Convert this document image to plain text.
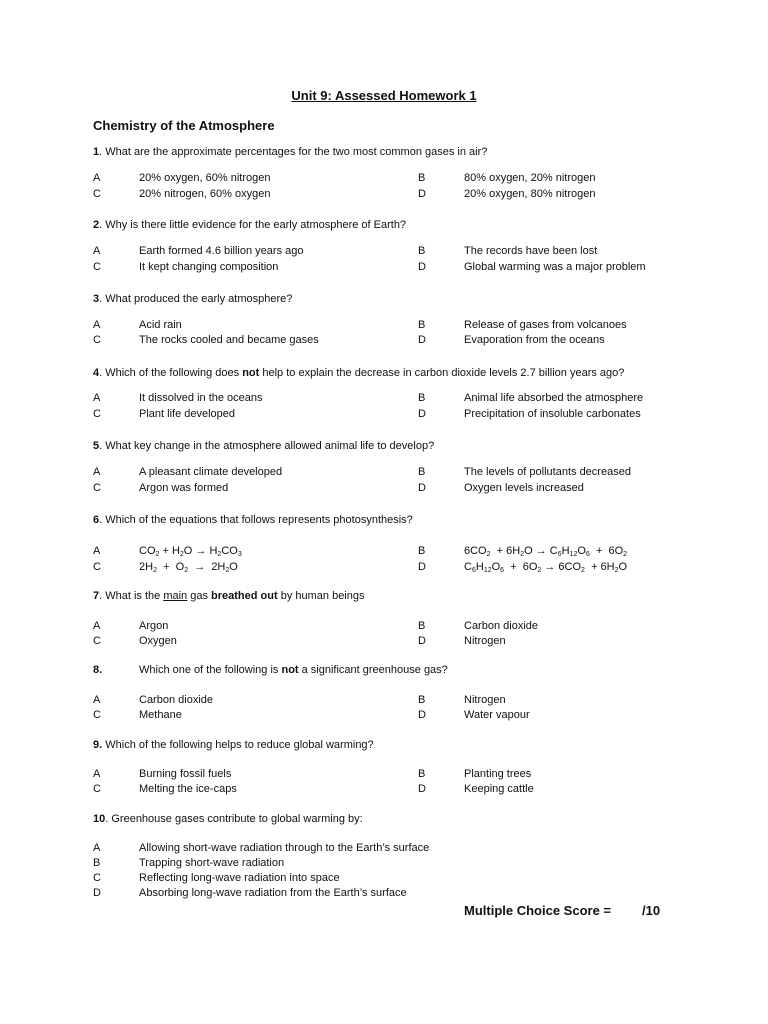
Unit 9: Assessed Homework 1
Chemistry of the Atmosphere
1. What are the approximate percentages for the two most common gases in air?
A	20% oxygen, 60% nitrogen	B	80% oxygen, 20% nitrogen
C	20% nitrogen, 60% oxygen	D	20% oxygen, 80% nitrogen
2. Why is there little evidence for the early atmosphere of Earth?
A	Earth formed 4.6 billion years ago	B	The records have been lost
C	It kept changing composition	D	Global warming was a major problem
3. What produced the early atmosphere?
A	Acid rain	B	Release of gases from volcanoes
C	The rocks cooled and became gases	D	Evaporation from the oceans
4. Which of the following does not help to explain the decrease in carbon dioxide levels 2.7 billion years ago?
A	It dissolved in the oceans	B	Animal life absorbed the atmosphere
C	Plant life developed	D	Precipitation of insoluble carbonates
5. What key change in the atmosphere allowed animal life to develop?
A	A pleasant climate developed	B	The levels of pollutants decreased
C	Argon was formed	D	Oxygen levels increased
6. Which of the equations that follows represents photosynthesis?
A	$CO_2 + H_2O \to H_2CO_3$	B	$6CO_2 + 6H_2O \to C_6H_{12}O_6 + 6O_2$
C	$2H_2 + O_2 \to 2H_2O$	D	$C_6H_{12}O_6 + 6O_2 \to 6CO_2 + 6H_2O$
7. What is the main gas breathed out by human beings
A	Argon	B	Carbon dioxide
C	Oxygen	D	Nitrogen
8.	Which one of the following is not a significant greenhouse gas?
A	Carbon dioxide	B	Nitrogen
C	Methane	D	Water vapour
9. Which of the following helps to reduce global warming?
A	Burning fossil fuels	B	Planting trees
C	Melting the ice-caps	D	Keeping cattle
10. Greenhouse gases contribute to global warming by:
A	Allowing short-wave radiation through to the Earth’s surface
B	Trapping short-wave radiation
C	Reflecting long-wave radiation into space
D	Absorbing long-wave radiation from the Earth’s surface
Multiple Choice Score = /10
